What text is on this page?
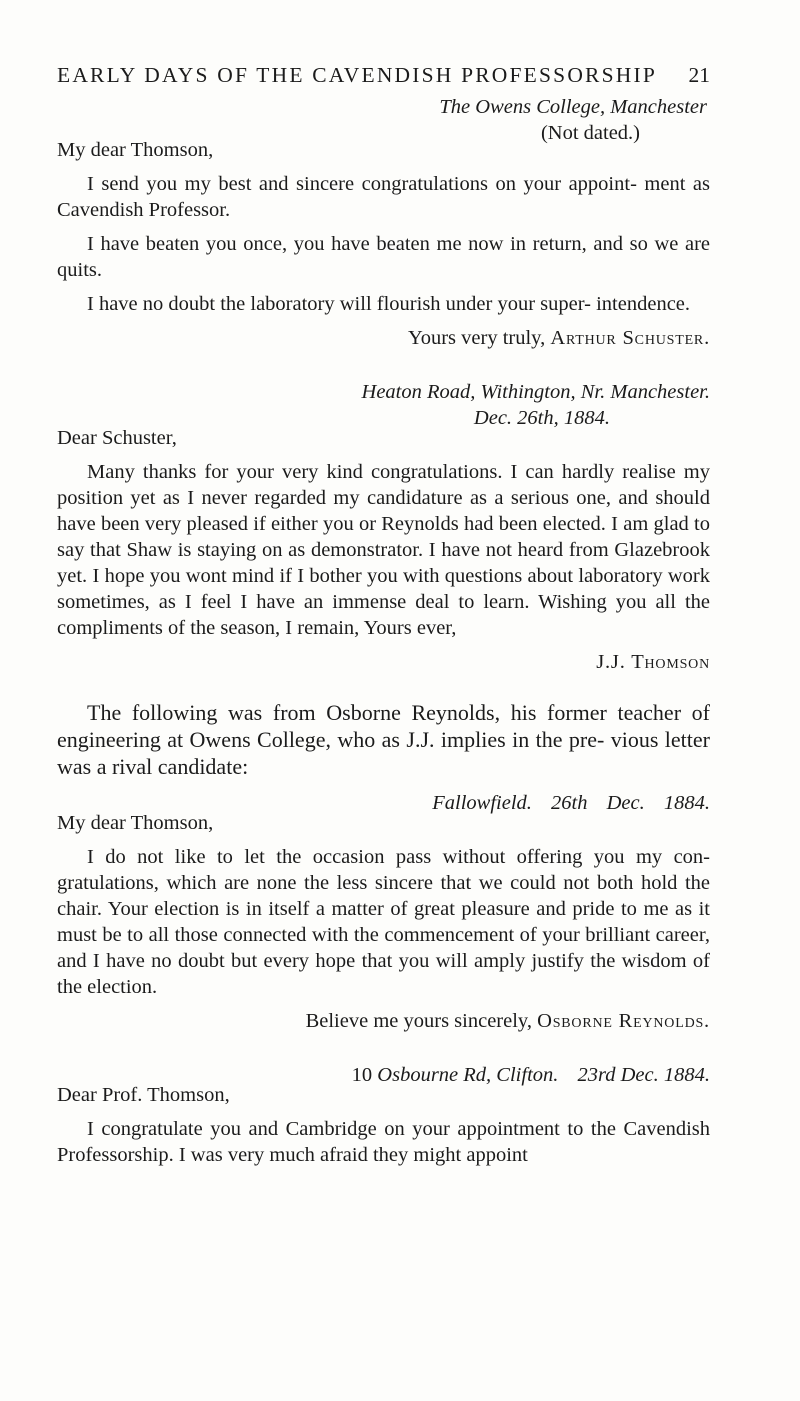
EARLY DAYS OF THE CAVENDISH PROFESSORSHIP 21

The Owens College, Manchester

(Not dated.)

My dear Thomson,

I send you my best and sincere congratulations on your appoint- ment as Cavendish Professor.

I have beaten you once, you have beaten me now in return, and so we are quits.

I have no doubt the laboratory will flourish under your super- intendence.

Yours very truly, Arthur Schuster.

Heaton Road, Withington, Nr. Manchester.

Dec. 26th, 1884.

Dear Schuster,

Many thanks for your very kind congratulations. I can hardly realise my position yet as I never regarded my candidature as a serious one, and should have been very pleased if either you or Reynolds had been elected. I am glad to say that Shaw is staying on as demonstrator. I have not heard from Glazebrook yet. I hope you wont mind if I bother you with questions about laboratory work sometimes, as I feel I have an immense deal to learn. Wishing you all the compliments of the season, I remain, Yours ever,

J.J. Thomson

The following was from Osborne Reynolds, his former teacher of engineering at Owens College, who as J.J. implies in the pre- vious letter was a rival candidate:

Fallowfield. 26th Dec. 1884.

My dear Thomson,

I do not like to let the occasion pass without offering you my con- gratulations, which are none the less sincere that we could not both hold the chair. Your election is in itself a matter of great pleasure and pride to me as it must be to all those connected with the commencement of your brilliant career, and I have no doubt but every hope that you will amply justify the wisdom of the election.

Believe me yours sincerely, Osborne Reynolds.

10 Osbourne Rd, Clifton. 23rd Dec. 1884.

Dear Prof. Thomson,

I congratulate you and Cambridge on your appointment to the Cavendish Professorship. I was very much afraid they might appoint
